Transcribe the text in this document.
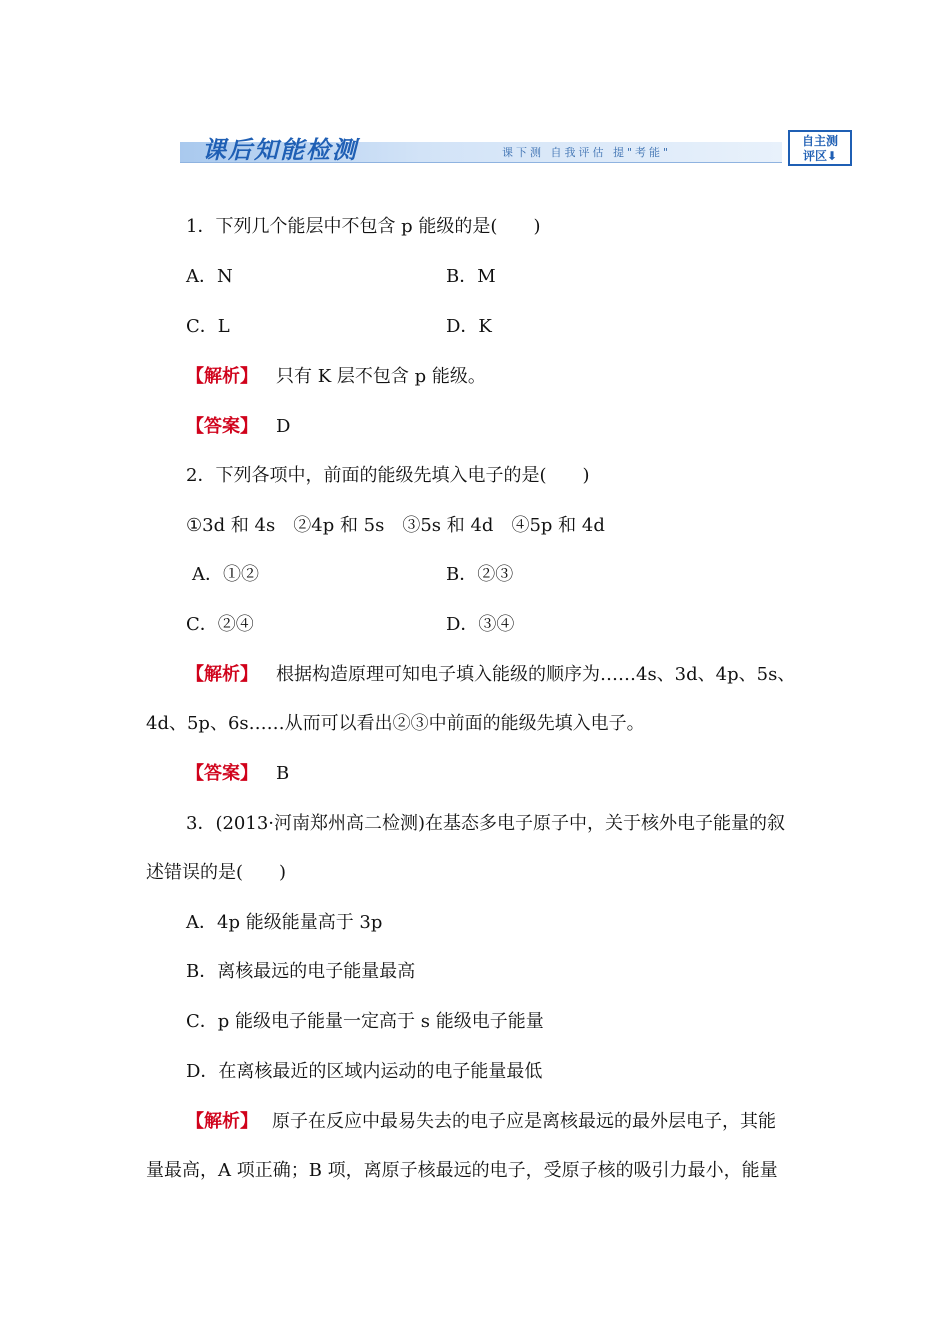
课后知能检测	课下测 自我评估 提"考能"
自主测
评区⬇
1．下列几个能层中不包含 p 能级的是(　　)
A．N	B．M
C．L	D．K
【解析】 只有 K 层不包含 p 能级。
【答案】 D
2．下列各项中，前面的能级先填入电子的是(　　)
①3d 和 4s　②4p 和 5s　③5s 和 4d　④5p 和 4d
A．①②	B．②③
C．②④	D．③④
【解析】 根据构造原理可知电子填入能级的顺序为……4s、3d、4p、5s、
4d、5p、6s……从而可以看出②③中前面的能级先填入电子。
【答案】 B
3．(2013·河南郑州高二检测)在基态多电子原子中，关于核外电子能量的叙
述错误的是(　　)
A．4p 能级能量高于 3p
B．离核最远的电子能量最高
C．p 能级电子能量一定高于 s 能级电子能量
D．在离核最近的区域内运动的电子能量最低
【解析】 原子在反应中最易失去的电子应是离核最远的最外层电子，其能
量最高，A 项正确；B 项，离原子核最远的电子，受原子核的吸引力最小，能量
